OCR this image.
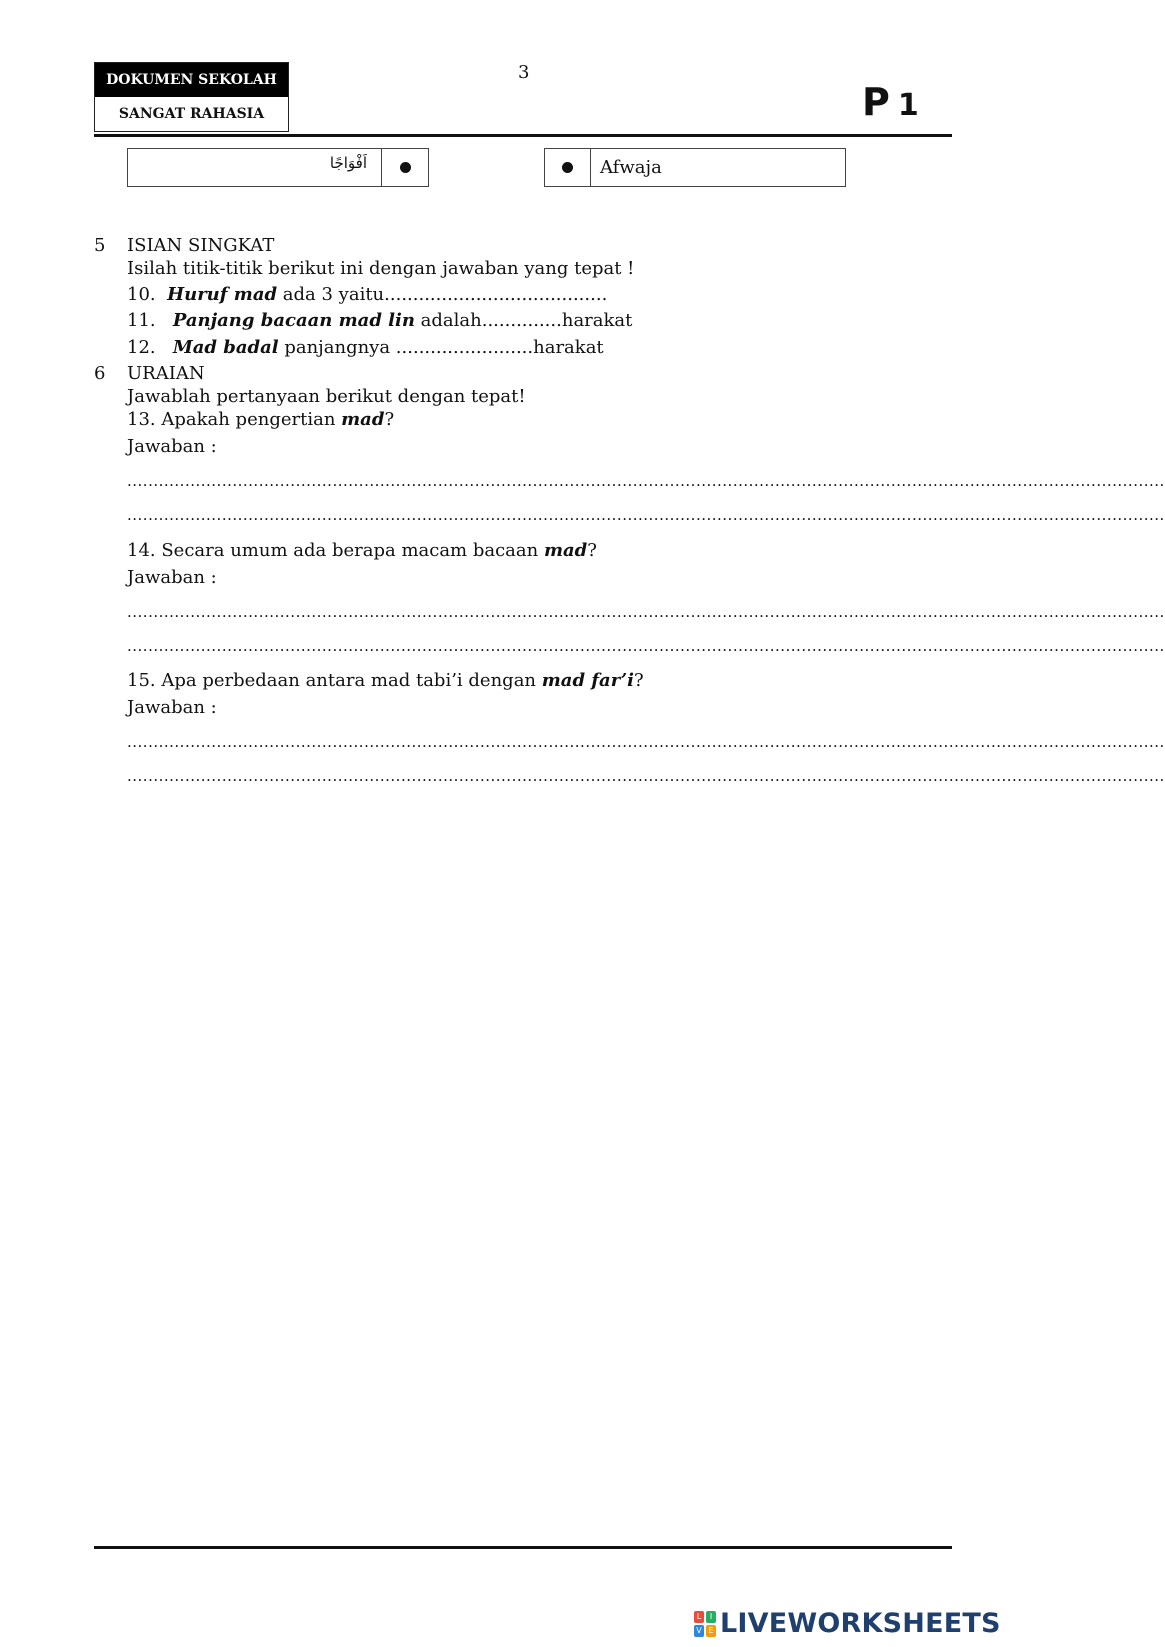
3
DOKUMEN SEKOLAH
SANGAT RAHASIA	P 1
اَفْوَاجًا	Afwaja
5 ISIAN SINGKAT
Isilah titik-titik berikut ini dengan jawaban yang tepat !
10. Huruf mad ada 3 yaitu.......................................
11. Panjang bacaan mad lin adalah..............harakat
12. Mad badal panjangnya ........................harakat
6 URAIAN
Jawablah pertanyaan berikut dengan tepat!
13. Apakah pengertian mad?
Jawaban :
.....................................................................................................................................................................................................
.....................................................................................................................................................................................................
14. Secara umum ada berapa macam bacaan mad?
Jawaban :
.....................................................................................................................................................................................................
.....................................................................................................................................................................................................
15. Apa perbedaan antara mad tabi’i dengan mad far’i?
Jawaban :
.....................................................................................................................................................................................................
.....................................................................................................................................................................................................
L	I
V E LIVEWORKSHEETS
